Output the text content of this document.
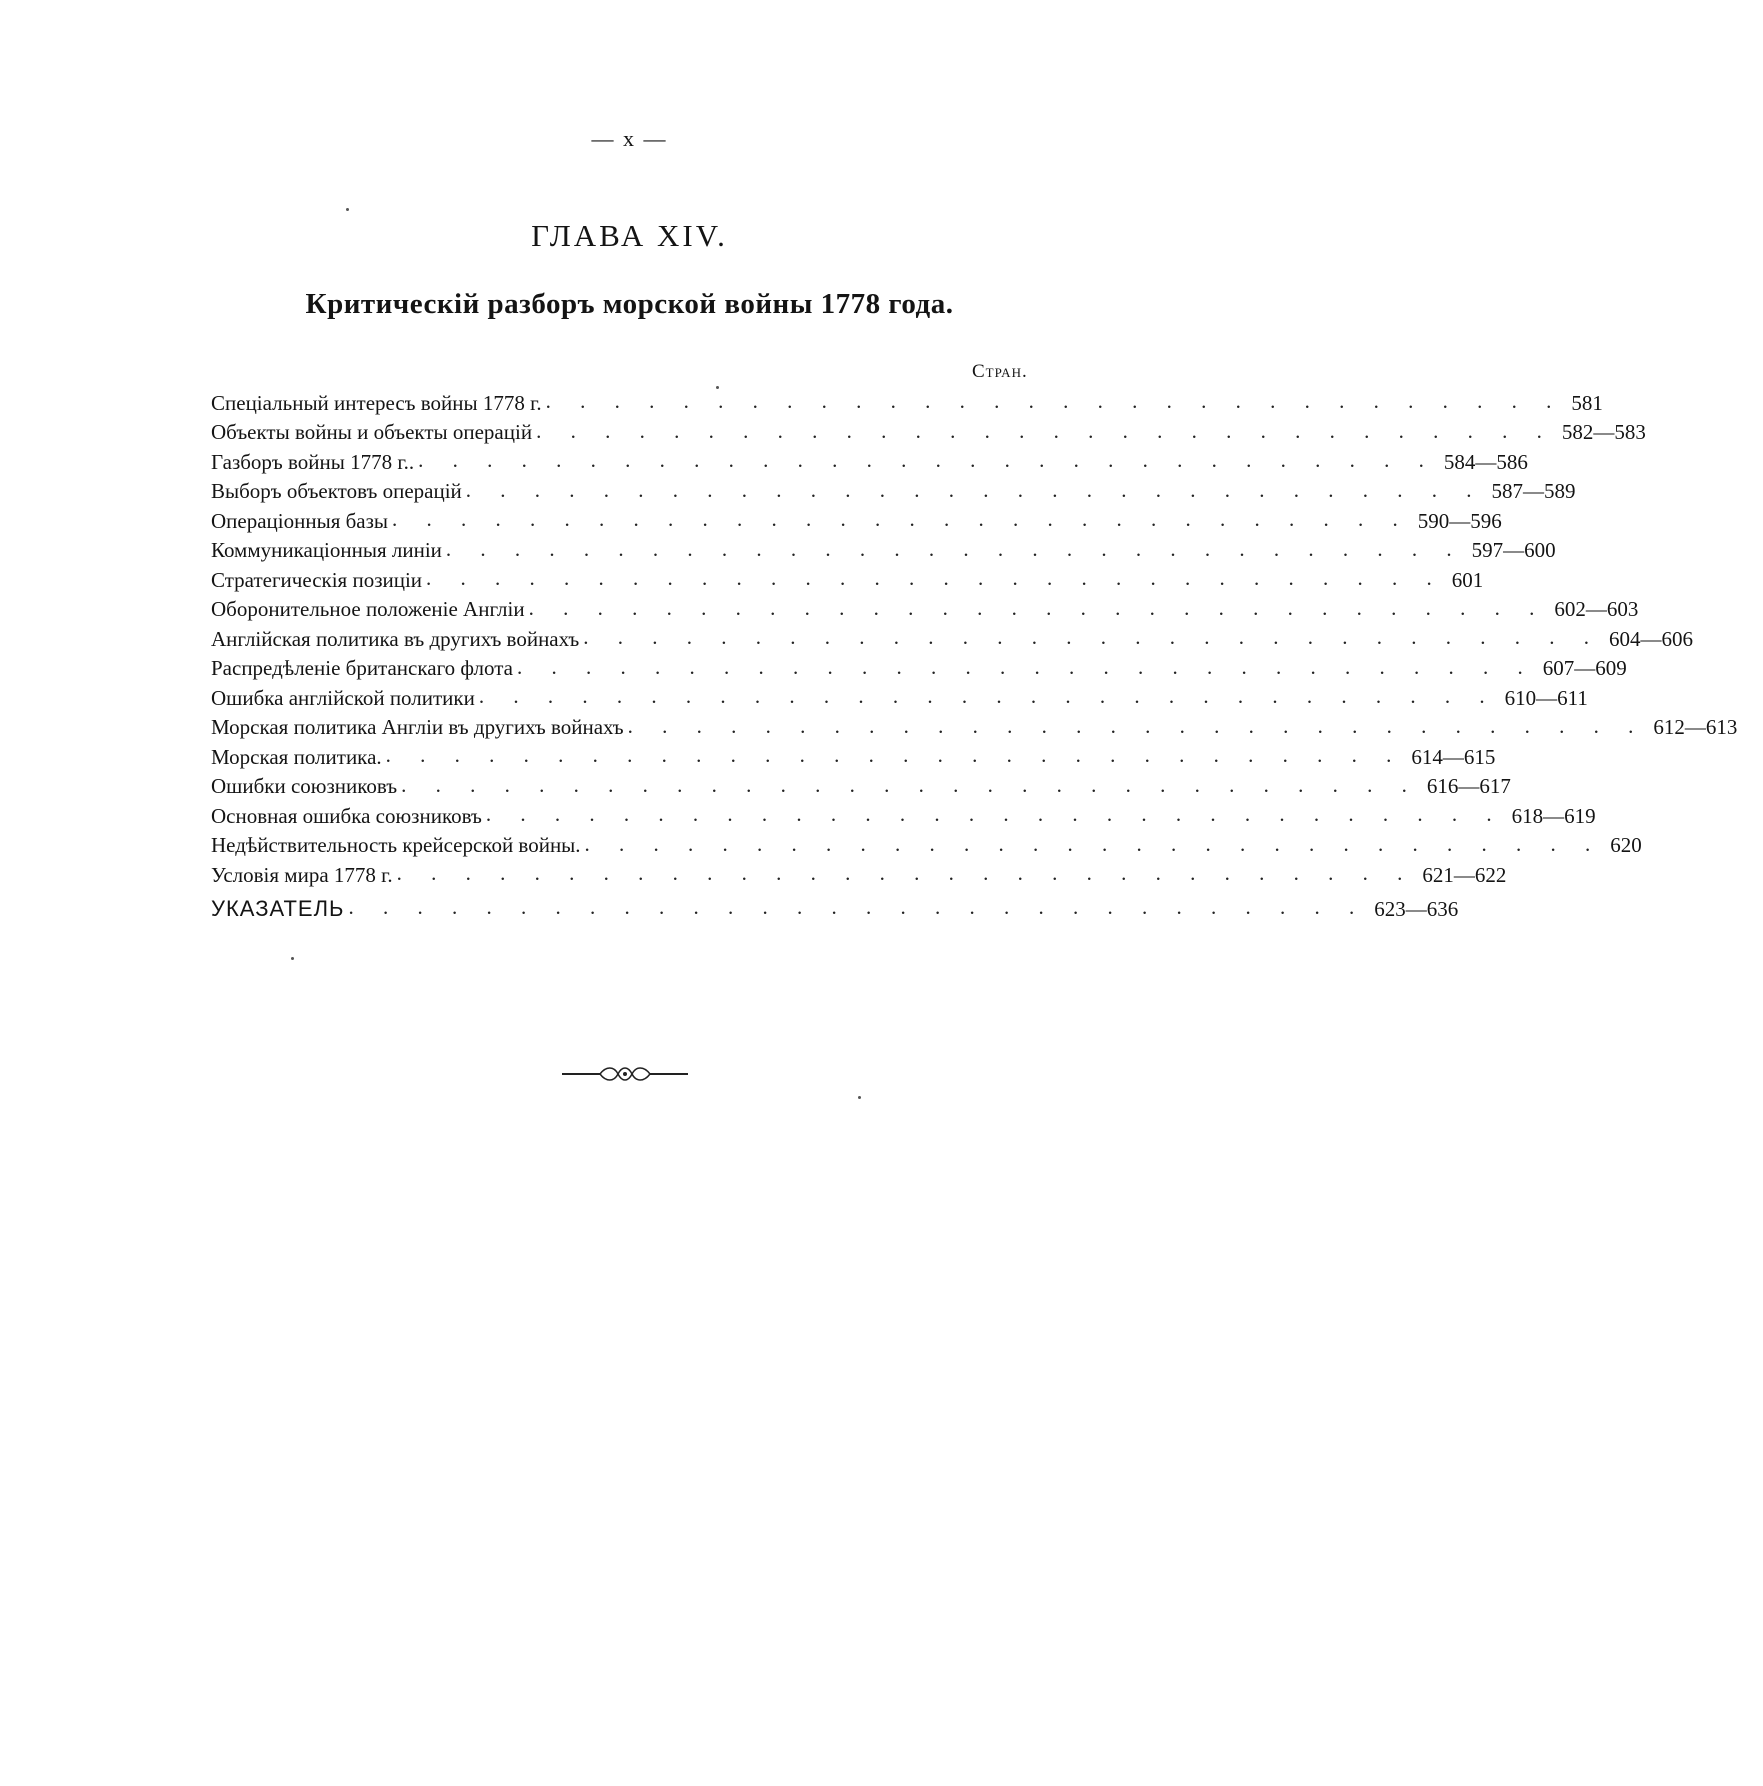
— x —
ГЛАВА XIV.
Критическій разборъ морской войны 1778 года.
Стран.
Спеціальный интересъ войны 1778 г. . . . . . . . . . . . . . . . . . . . . . . . . . . . . . . 581
Объекты войны и объекты операцій . . . . . . . . . . . . . . . . . . . . . . . . . . . . . . 582—583
Газборъ войны 1778 г.. . . . . . . . . . . . . . . . . . . . . . . . . . . . . . . 584—586
Выборъ объектовъ операцій . . . . . . . . . . . . . . . . . . . . . . . . . . . . . . 587—589
Операціонныя базы . . . . . . . . . . . . . . . . . . . . . . . . . . . . . . 590—596
Коммуникаціонныя линіи . . . . . . . . . . . . . . . . . . . . . . . . . . . . . . 597—600
Стратегическія позиціи . . . . . . . . . . . . . . . . . . . . . . . . . . . . . . 601
Оборонительное положеніе Англіи . . . . . . . . . . . . . . . . . . . . . . . . . . . . . . 602—603
Англійская политика въ другихъ войнахъ . . . . . . . . . . . . . . . . . . . . . . . . . . . . . . 604—606
Распредѣленіе британскаго флота . . . . . . . . . . . . . . . . . . . . . . . . . . . . . . 607—609
Ошибка англійской политики . . . . . . . . . . . . . . . . . . . . . . . . . . . . . . 610—611
Морская политика Англіи въ другихъ войнахъ . . . . . . . . . . . . . . . . . . . . . . . . . . . . . . 612—613
Морская политика. . . . . . . . . . . . . . . . . . . . . . . . . . . . . . . 614—615
Ошибки союзниковъ . . . . . . . . . . . . . . . . . . . . . . . . . . . . . . 616—617
Основная ошибка союзниковъ . . . . . . . . . . . . . . . . . . . . . . . . . . . . . . 618—619
Недѣйствительность крейсерской войны. . . . . . . . . . . . . . . . . . . . . . . . . . . . . . . 620
Условія мира 1778 г. . . . . . . . . . . . . . . . . . . . . . . . . . . . . . . 621—622
УКАЗАТЕЛЬ . . . . . . . . . . . . . . . . . . . . . . . . . . . . . . 623—636
